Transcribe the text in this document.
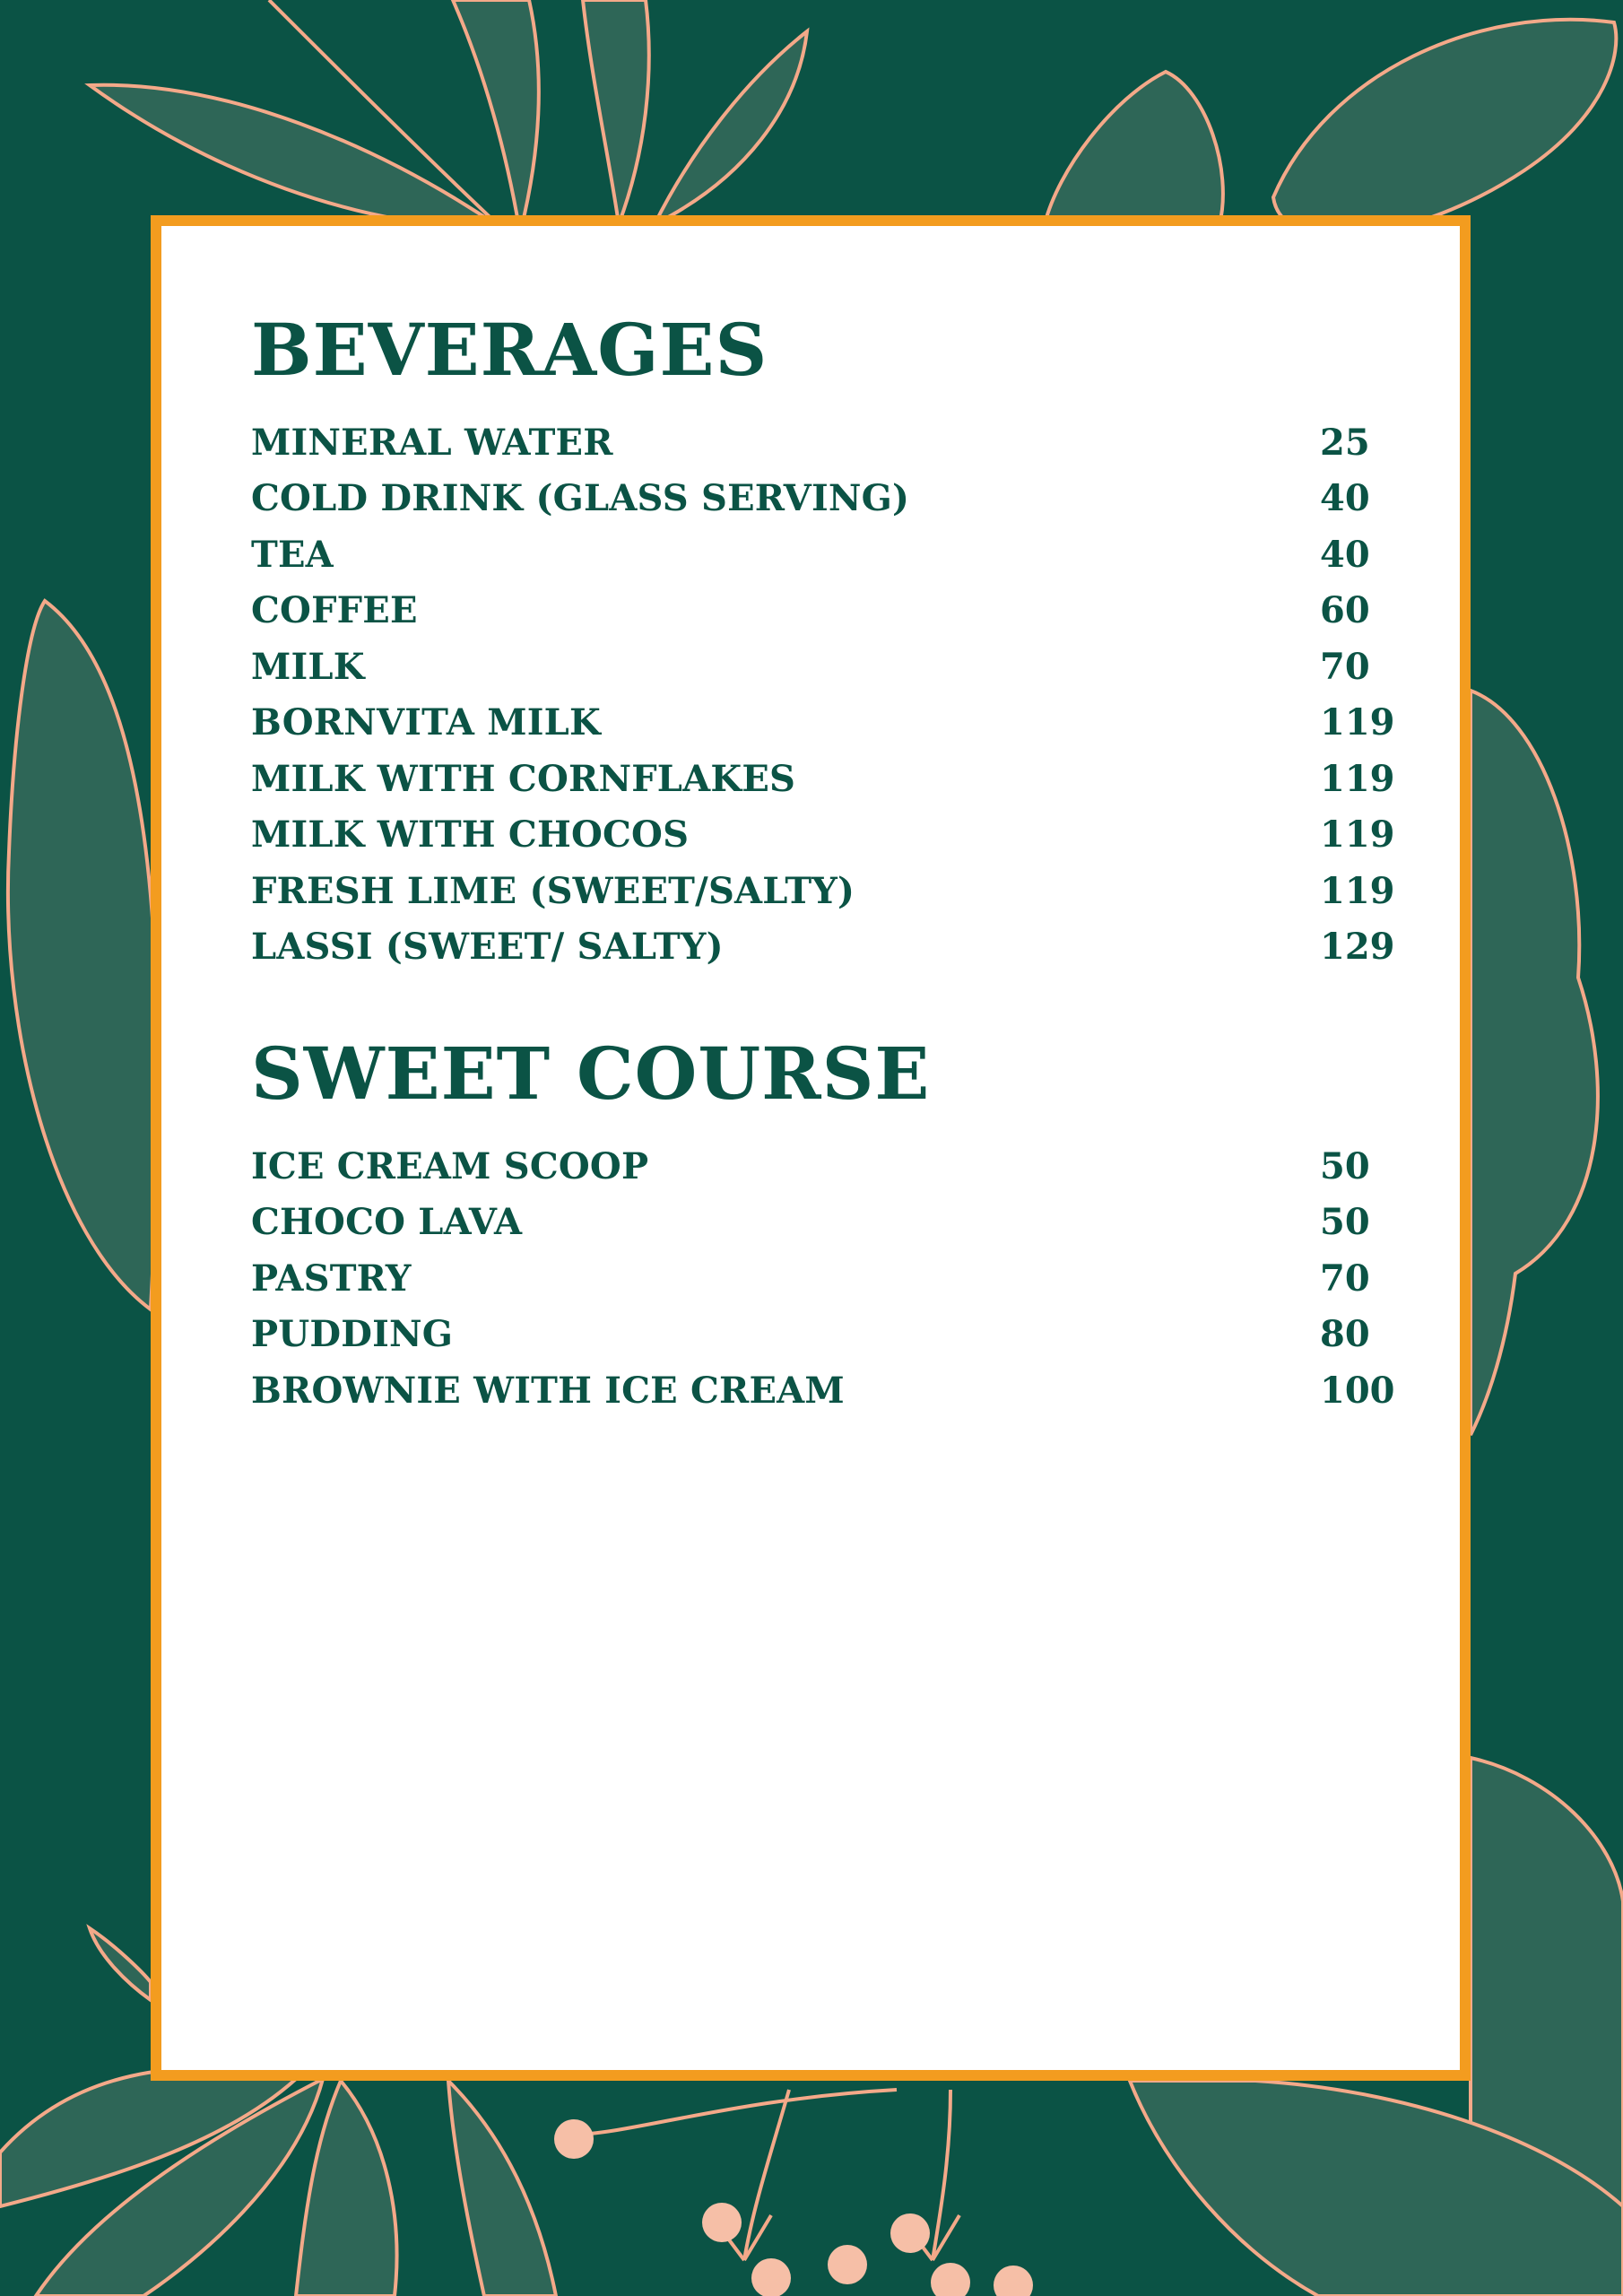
BEVERAGES
MINERAL WATER	25
COLD DRINK (GLASS SERVING)	40
TEA	40
COFFEE	60
MILK	70
BORNVITA MILK	119
MILK WITH CORNFLAKES	119
MILK WITH CHOCOS	119
FRESH LIME (SWEET/SALTY)	119
LASSI (SWEET/ SALTY)	129
SWEET COURSE
ICE CREAM SCOOP	50
CHOCO LAVA	50
PASTRY	70
PUDDING	80
BROWNIE WITH ICE CREAM	100
